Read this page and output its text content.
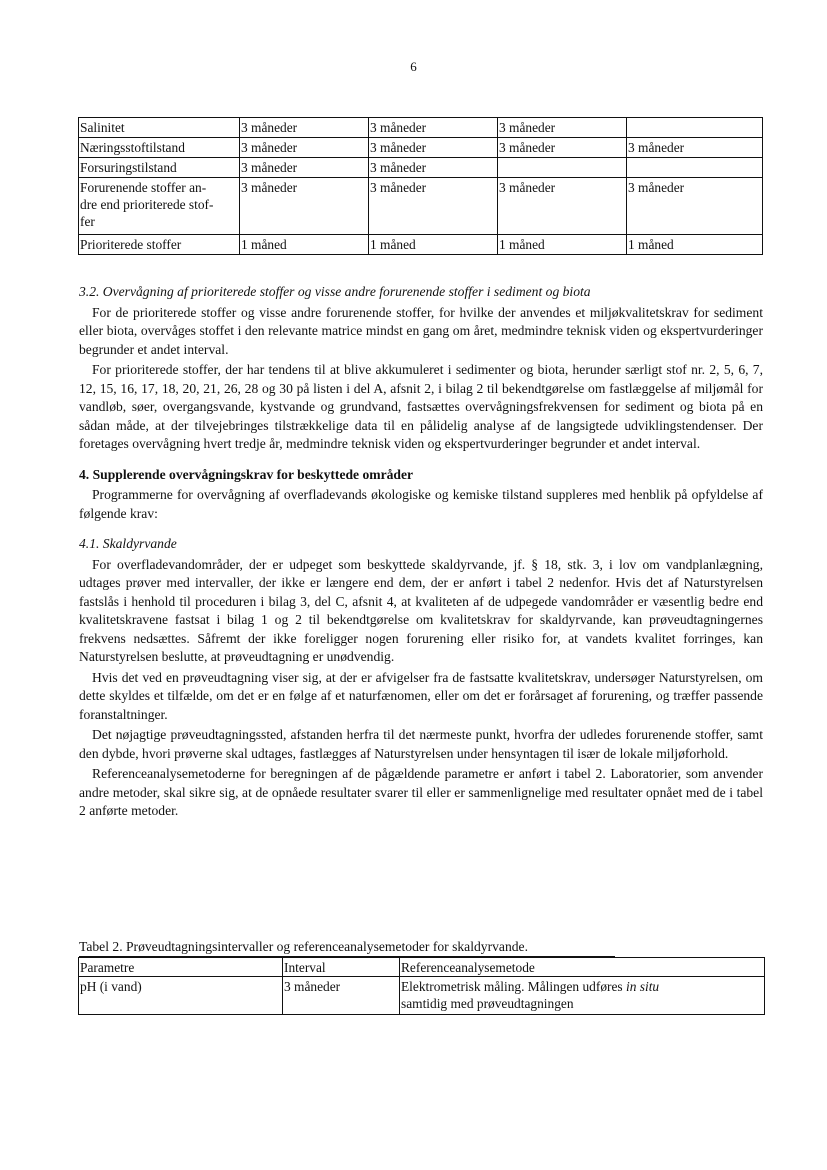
6
Salinitet	3 måneder	3 måneder	3 måneder	
Næringsstoftilstand	3 måneder	3 måneder	3 måneder	3 måneder
Forsuringstilstand	3 måneder	3 måneder		

Forurenende stoffer an-
dre end prioriterede stof-
fer	3 måneder	3 måneder	3 måneder	3 måneder
Prioriterede stoffer	1 måned	1 måned	1 måned	1 måned
3.2. Overvågning af prioriterede stoffer og visse andre forurenende stoffer i sediment og biota

For de prioriterede stoffer og visse andre forurenende stoffer, for hvilke der anvendes et miljøkvalitetskrav for sediment eller biota, overvåges stoffet i den relevante matrice mindst en gang om året, medmindre teknisk viden og ekspertvurderinger begrunder et andet interval.

For prioriterede stoffer, der har tendens til at blive akkumuleret i sedimenter og biota, herunder særligt stof nr. 2, 5, 6, 7, 12, 15, 16, 17, 18, 20, 21, 26, 28 og 30 på listen i del A, afsnit 2, i bilag 2 til bekendtgørelse om fastlæggelse af miljømål for vandløb, søer, overgangsvande, kystvande og grundvand, fastsættes overvågningsfrekvensen for sediment og biota på en sådan måde, at der tilvejebringes tilstrækkelige data til en pålidelig analyse af de langsigtede udviklingstendenser. Der foretages overvågning hvert tredje år, medmindre teknisk viden og ekspertvurderinger begrunder et andet interval.

4. Supplerende overvågningskrav for beskyttede områder

Programmerne for overvågning af overfladevands økologiske og kemiske tilstand suppleres med henblik på opfyldelse af følgende krav:

4.1. Skaldyrvande

For overfladevandområder, der er udpeget som beskyttede skaldyrvande, jf. § 18, stk. 3, i lov om vandplanlægning, udtages prøver med intervaller, der ikke er længere end dem, der er anført i tabel 2 nedenfor. Hvis det af Naturstyrelsen fastslås i henhold til proceduren i bilag 3, del C, afsnit 4, at kvaliteten af de udpegede vandområder er væsentlig bedre end kvalitetskravene fastsat i bilag 1 og 2 til bekendtgørelse om kvalitetskrav for skaldyrvande, kan prøveudtagningernes frekvens nedsættes. Såfremt der ikke foreligger nogen forurening eller risiko for, at vandets kvalitet forringes, kan Naturstyrelsen beslutte, at prøveudtagning er unødvendig.

Hvis det ved en prøveudtagning viser sig, at der er afvigelser fra de fastsatte kvalitetskrav, undersøger Naturstyrelsen, om dette skyldes et tilfælde, om det er en følge af et naturfænomen, eller om det er forårsaget af forurening, og træffer passende foranstaltninger.

Det nøjagtige prøveudtagningssted, afstanden herfra til det nærmeste punkt, hvorfra der udledes forurenende stoffer, samt den dybde, hvori prøverne skal udtages, fastlægges af Naturstyrelsen under hensyntagen til især de lokale miljøforhold.

Referenceanalysemetoderne for beregningen af de pågældende parametre er anført i tabel 2. Laboratorier, som anvender andre metoder, skal sikre sig, at de opnåede resultater svarer til eller er sammenlignelige med resultater opnået med de i tabel 2 anførte metoder.

Tabel 2. Prøveudtagningsintervaller og referenceanalysemetoder for skaldyrvande.
Parametre	Interval	Referenceanalysemetode
pH (i vand)	3 måneder	Elektrometrisk måling. Målingen udføres in situ
samtidig med prøveudtagningen
